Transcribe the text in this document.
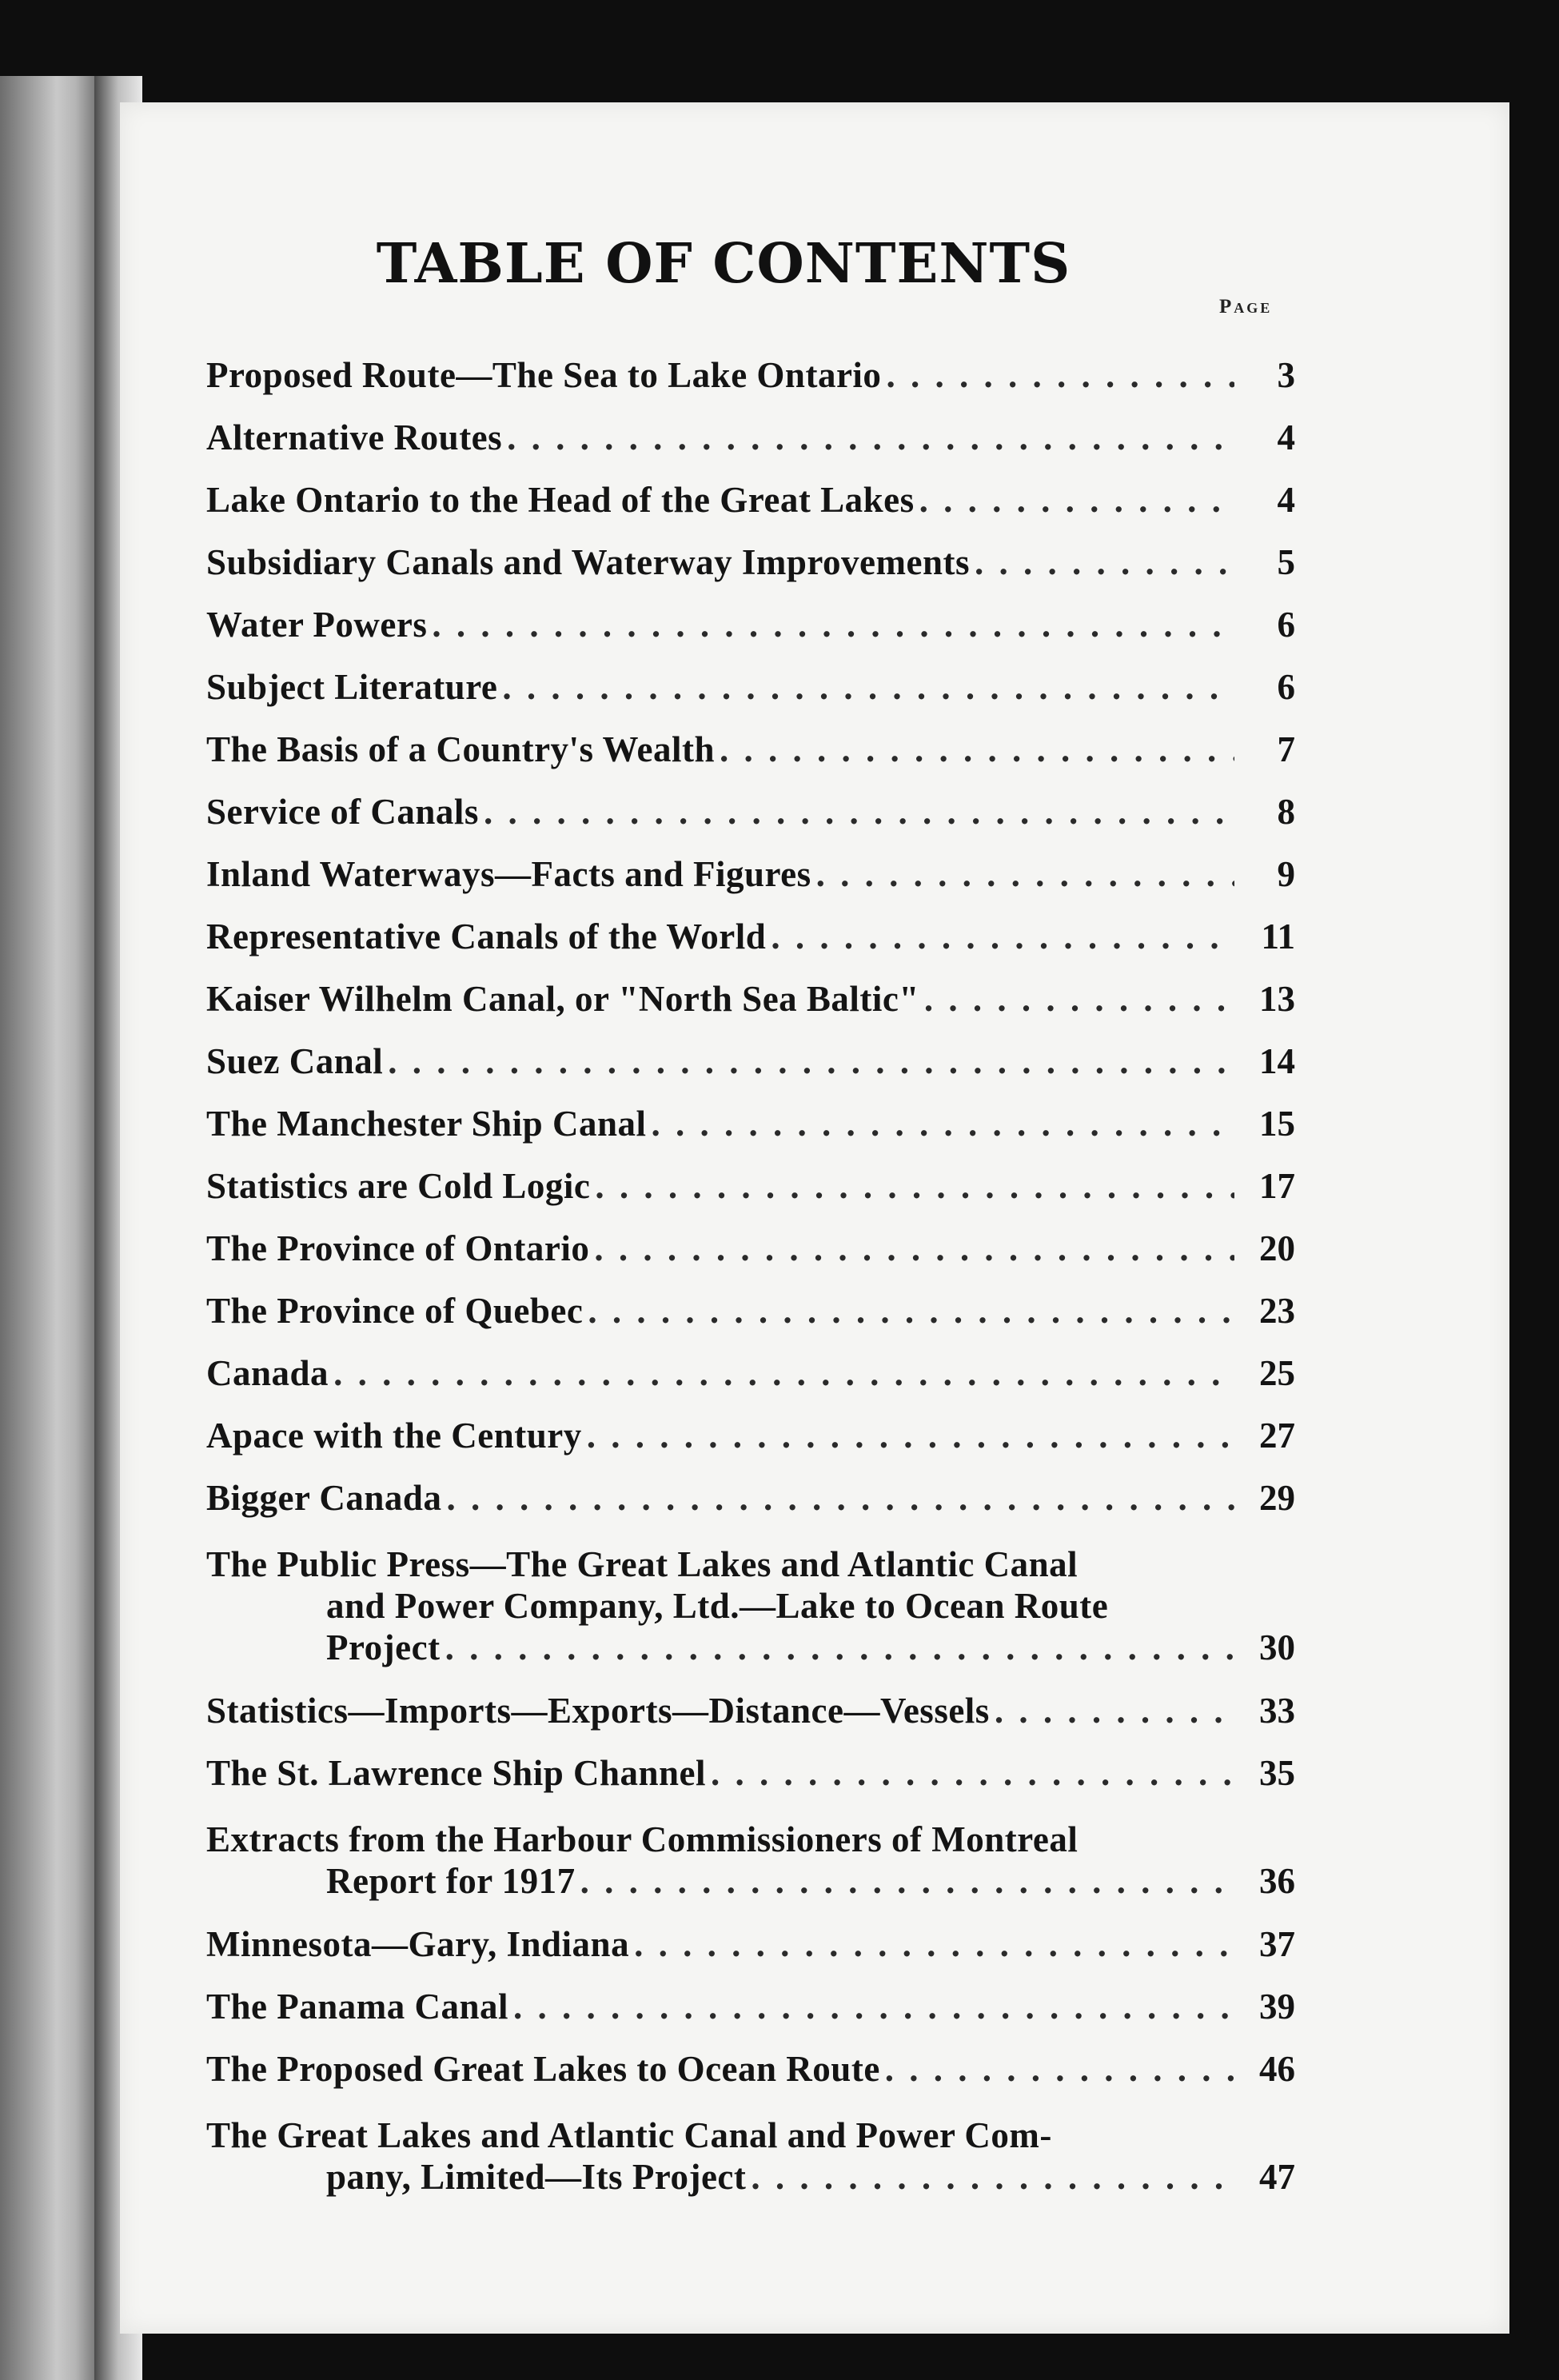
TABLE OF CONTENTS
Page
Proposed Route—The Sea to Lake Ontario . . .	3
Alternative Routes . . .	4
Lake Ontario to the Head of the Great Lakes . . .	4
Subsidiary Canals and Waterway Improvements . . .	5
Water Powers . . .	6
Subject Literature . . .	6
The Basis of a Country's Wealth . . .	7
Service of Canals . . .	8
Inland Waterways—Facts and Figures . . .	9
Representative Canals of the World . . .	11
Kaiser Wilhelm Canal, or "North Sea Baltic" . . .	13
Suez Canal . . .	14
The Manchester Ship Canal . . .	15
Statistics are Cold Logic . . .	17
The Province of Ontario . . .	20
The Province of Quebec . . .	23
Canada . . .	25
Apace with the Century . . .	27
Bigger Canada . . .	29
The Public Press—The Great Lakes and Atlantic Canal
and Power Company, Ltd.—Lake to Ocean Route
Project . . .	30
Statistics—Imports—Exports—Distance—Vessels . . .	33
The St. Lawrence Ship Channel . . .	35
Extracts from the Harbour Commissioners of Montreal
Report for 1917 . . .	36
Minnesota—Gary, Indiana . . .	37
The Panama Canal . . .	39
The Proposed Great Lakes to Ocean Route . . .	46
The Great Lakes and Atlantic Canal and Power Com-
pany, Limited—Its Project . . .	47
